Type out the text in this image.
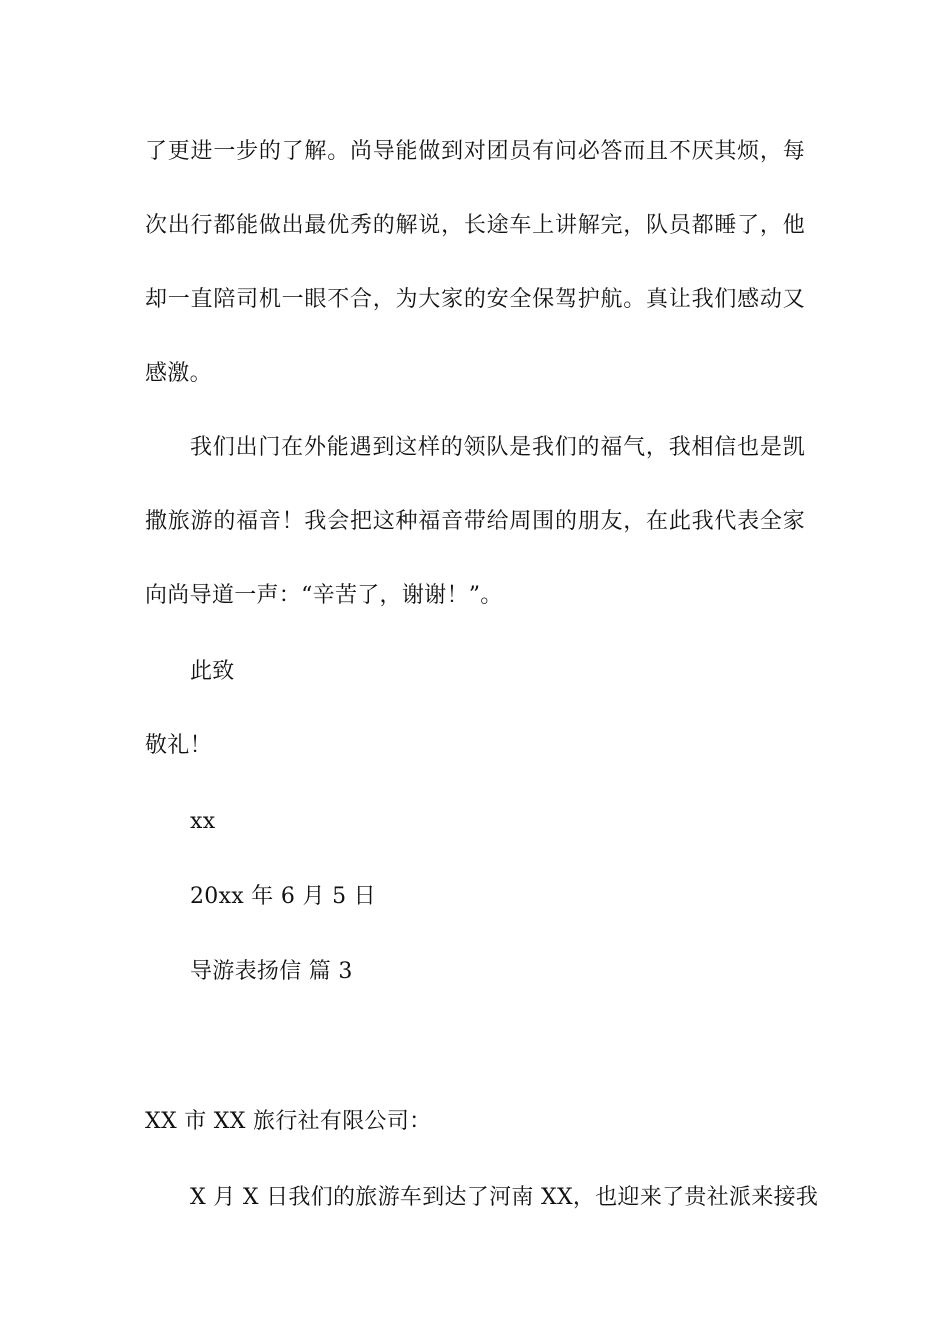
了更进一步的了解。尚导能做到对团员有问必答而且不厌其烦，每
次出行都能做出最优秀的解说，长途车上讲解完，队员都睡了，他
却一直陪司机一眼不合，为大家的安全保驾护航。真让我们感动又
感激。
我们出门在外能遇到这样的领队是我们的福气，我相信也是凯
撒旅游的福音！我会把这种福音带给周围的朋友，在此我代表全家
向尚导道一声：“辛苦了，谢谢！”。
此致
敬礼！
xx
20xx 年 6 月 5 日
导游表扬信 篇 3
XX 市 XX 旅行社有限公司：
X 月 X 日我们的旅游车到达了河南 XX，也迎来了贵社派来接我
